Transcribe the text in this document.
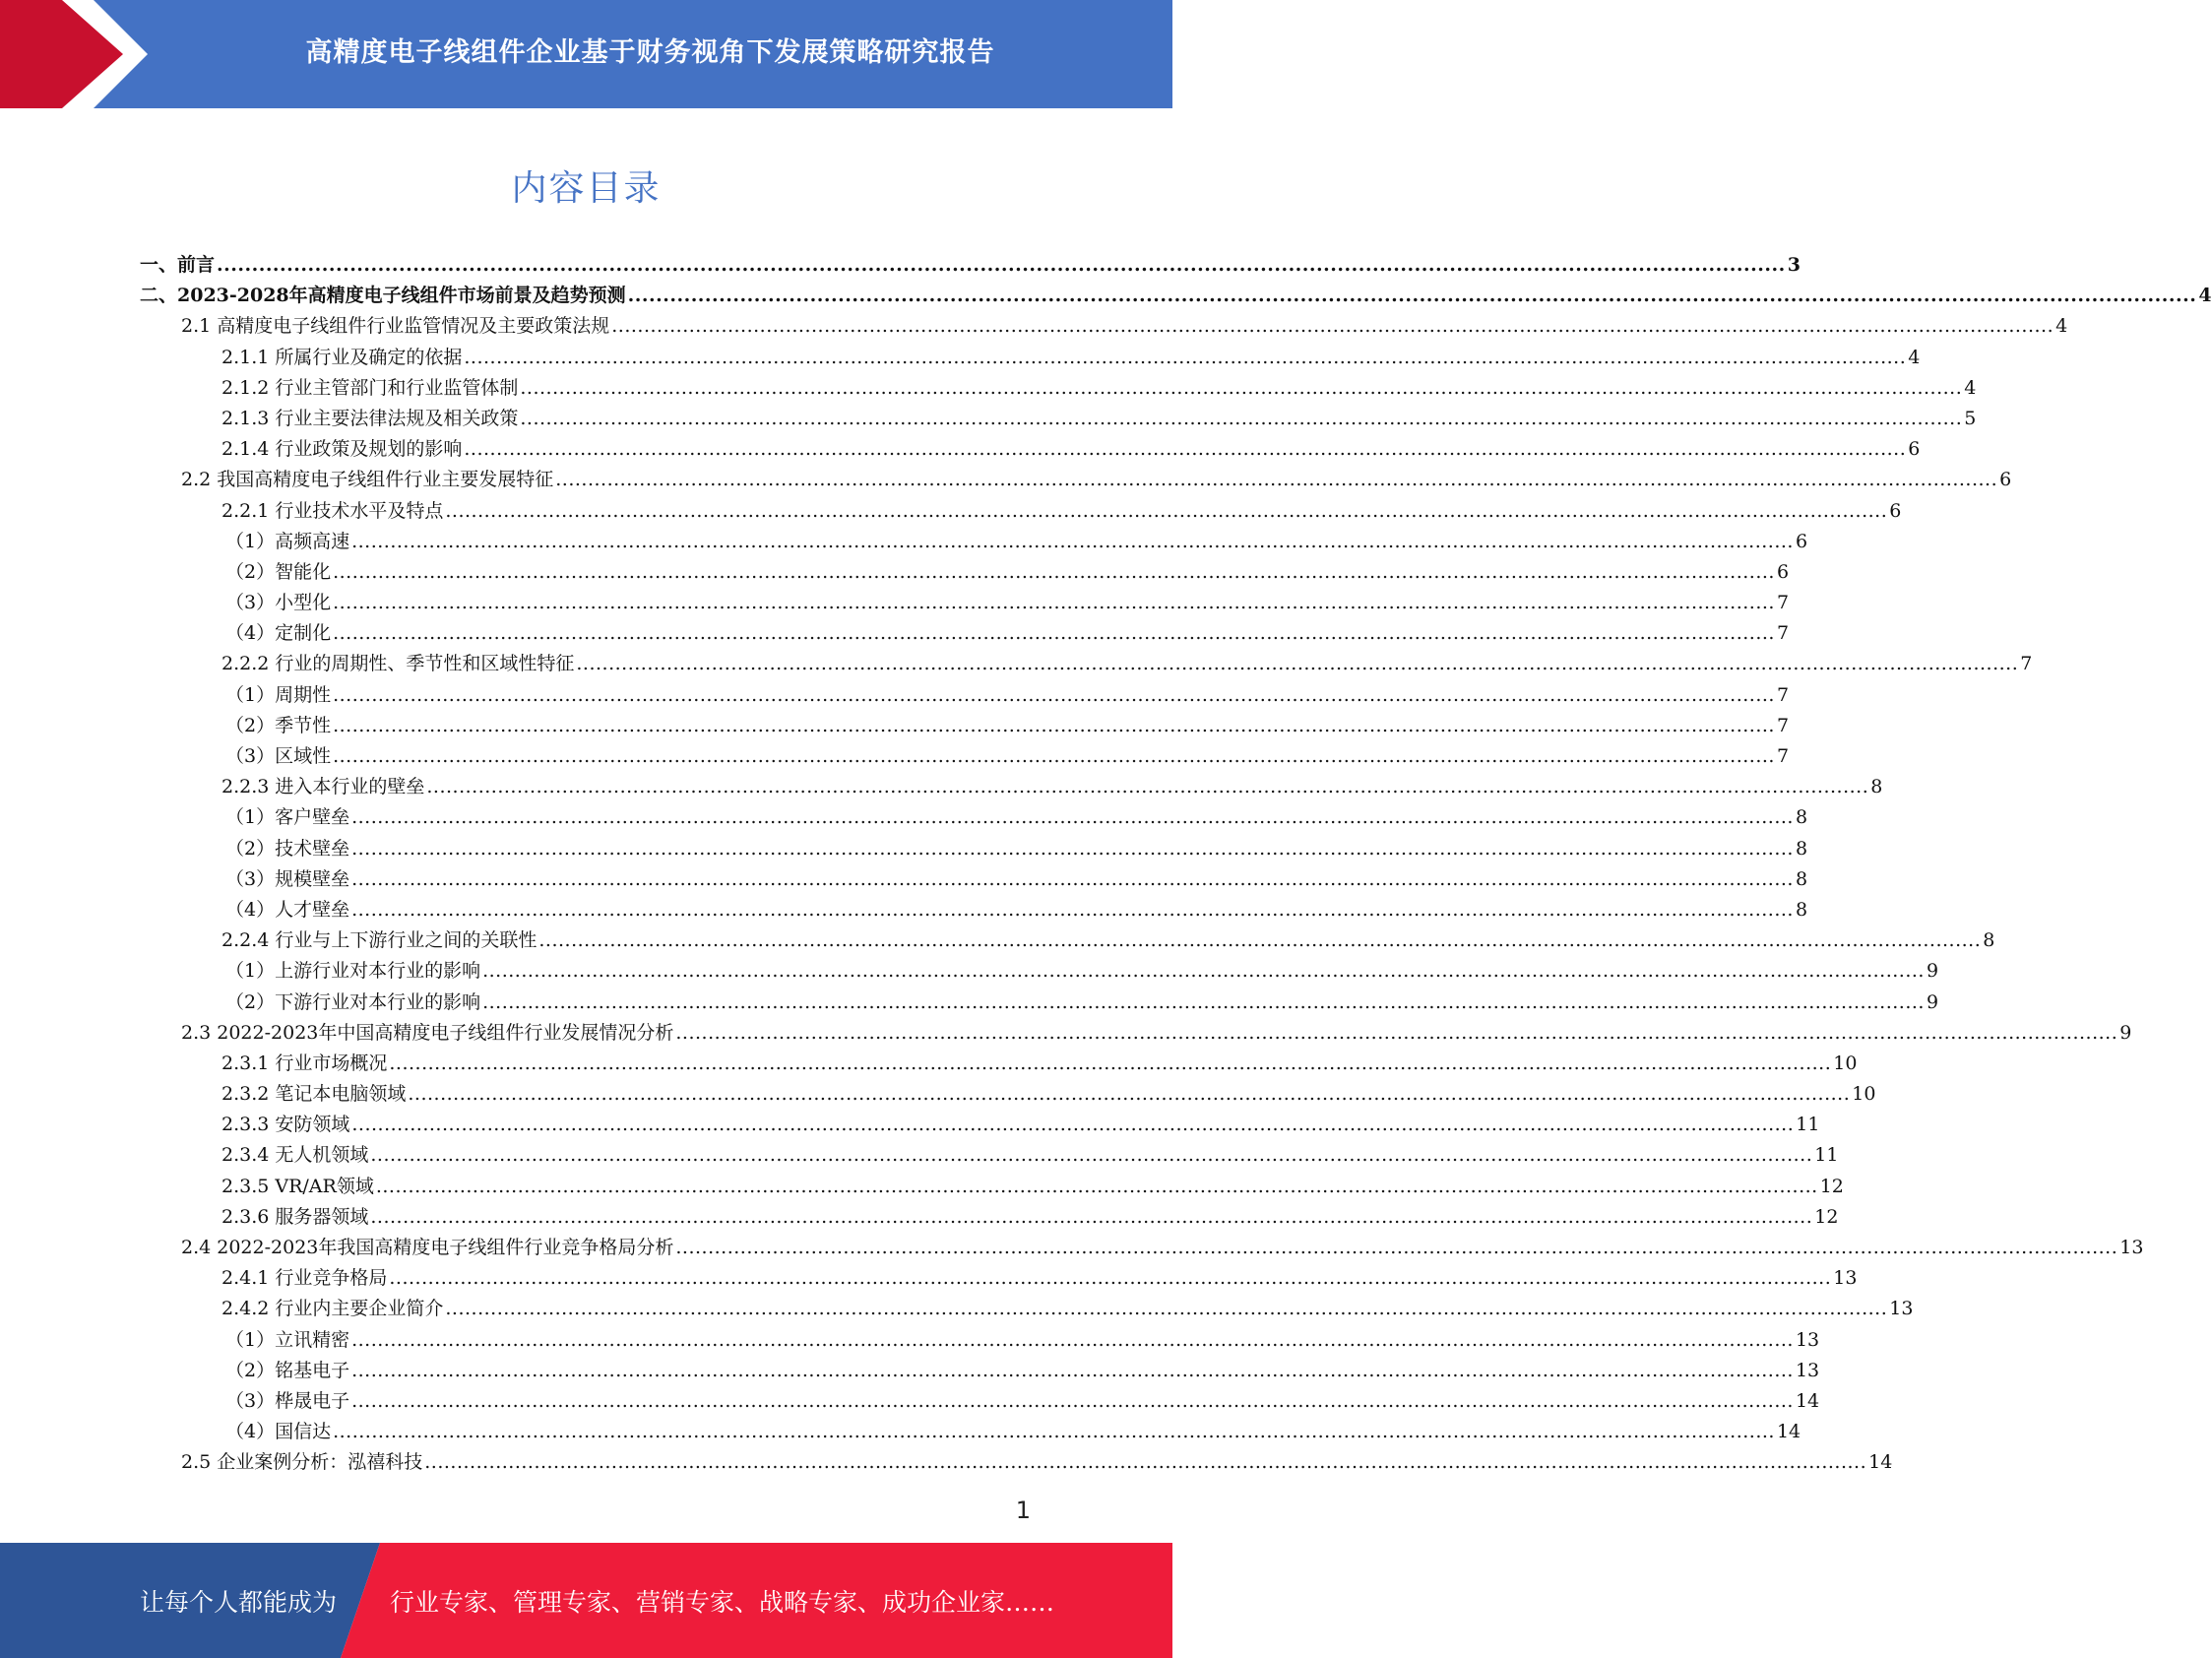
高精度电子线组件企业基于财务视角下发展策略研究报告
内容目录
一、前言 ................................................................................................................................................................................................................................ 3
二、2023-2028年高精度电子线组件市场前景及趋势预测 ................................................................................................................................................................................................................................ 4
2.1 高精度电子线组件行业监管情况及主要政策法规 ................................................................................................................................................................................................................................ 4
2.1.1 所属行业及确定的依据 ................................................................................................................................................................................................................................ 4
2.1.2 行业主管部门和行业监管体制 ................................................................................................................................................................................................................................ 4
2.1.3 行业主要法律法规及相关政策 ................................................................................................................................................................................................................................ 5
2.1.4 行业政策及规划的影响 ................................................................................................................................................................................................................................ 6
2.2 我国高精度电子线组件行业主要发展特征 ................................................................................................................................................................................................................................ 6
2.2.1 行业技术水平及特点 ................................................................................................................................................................................................................................ 6
（1）高频高速 ................................................................................................................................................................................................................................ 6
（2）智能化 ................................................................................................................................................................................................................................ 6
（3）小型化 ................................................................................................................................................................................................................................ 7
（4）定制化 ................................................................................................................................................................................................................................ 7
2.2.2 行业的周期性、季节性和区域性特征 ................................................................................................................................................................................................................................ 7
（1）周期性 ................................................................................................................................................................................................................................ 7
（2）季节性 ................................................................................................................................................................................................................................ 7
（3）区域性 ................................................................................................................................................................................................................................ 7
2.2.3 进入本行业的壁垒 ................................................................................................................................................................................................................................ 8
（1）客户壁垒 ................................................................................................................................................................................................................................ 8
（2）技术壁垒 ................................................................................................................................................................................................................................ 8
（3）规模壁垒 ................................................................................................................................................................................................................................ 8
（4）人才壁垒 ................................................................................................................................................................................................................................ 8
2.2.4 行业与上下游行业之间的关联性 ................................................................................................................................................................................................................................ 8
（1）上游行业对本行业的影响 ................................................................................................................................................................................................................................ 9
（2）下游行业对本行业的影响 ................................................................................................................................................................................................................................ 9
2.3 2022-2023年中国高精度电子线组件行业发展情况分析 ................................................................................................................................................................................................................................ 9
2.3.1 行业市场概况 ................................................................................................................................................................................................................................ 10
2.3.2 笔记本电脑领域 ................................................................................................................................................................................................................................ 10
2.3.3 安防领域 ................................................................................................................................................................................................................................ 11
2.3.4 无人机领域 ................................................................................................................................................................................................................................ 11
2.3.5 VR/AR领域 ................................................................................................................................................................................................................................ 12
2.3.6 服务器领域 ................................................................................................................................................................................................................................ 12
2.4 2022-2023年我国高精度电子线组件行业竞争格局分析 ................................................................................................................................................................................................................................ 13
2.4.1 行业竞争格局 ................................................................................................................................................................................................................................ 13
2.4.2 行业内主要企业简介 ................................................................................................................................................................................................................................ 13
（1）立讯精密 ................................................................................................................................................................................................................................ 13
（2）铭基电子 ................................................................................................................................................................................................................................ 13
（3）桦晟电子 ................................................................................................................................................................................................................................ 14
（4）国信达 ................................................................................................................................................................................................................................ 14
2.5 企业案例分析：泓禧科技 ................................................................................................................................................................................................................................ 14
1
让每个人都能成为 行业专家、管理专家、营销专家、战略专家、成功企业家……
